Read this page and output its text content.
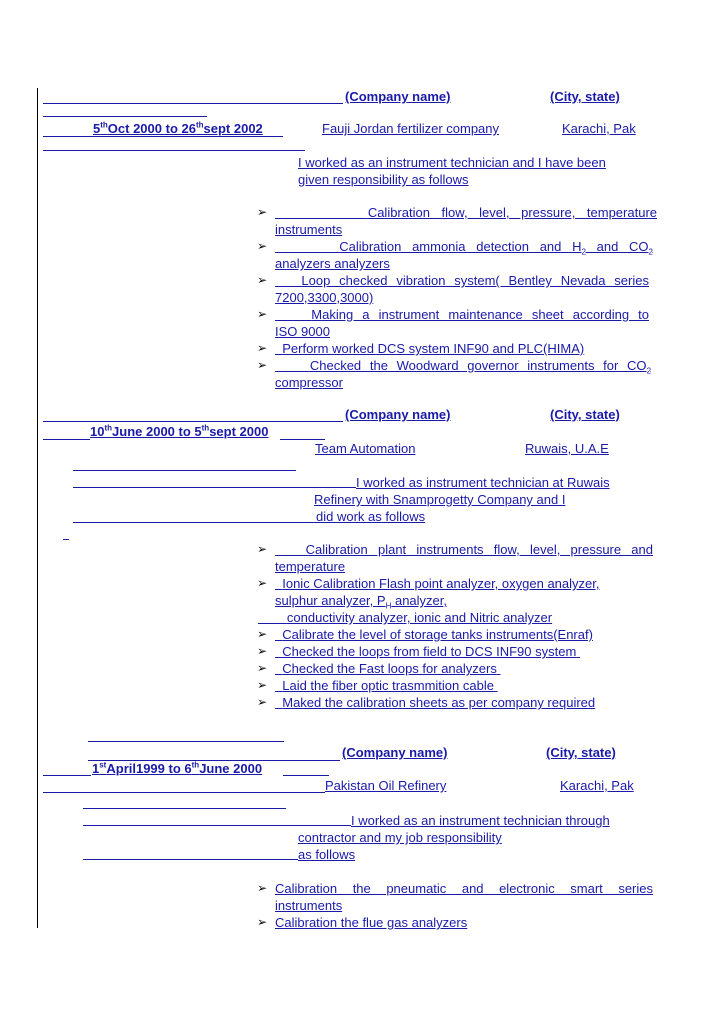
(Company name)	(City, state)
5thOct 2000 to 26thsept 2002	Fauji Jordan fertilizer company	Karachi, Pak
I worked as an instrument technician and I have been
given responsibility as follows
➢	Calibration flow, level, pressure, temperature
instruments
➢	Calibration ammonia detection and $H_2$ and $CO_2$
analyzers analyzers
➢	Loop checked vibration system( Bentley Nevada series
7200,3300,3000)
➢	Making a instrument maintenance sheet according to
ISO 9000
➢	Perform worked DCS system INF90 and PLC(HIMA)
➢	Checked the Woodward governor instruments for $CO_2$
compressor
(Company name)	(City, state)
10thJune 2000 to 5thsept 2000
Team Automation	Ruwais, U.A.E
I worked as instrument technician at Ruwais
Refinery with Snamprogetty Company and I
did work as follows
➢	Calibration plant instruments flow, level, pressure and
temperature
➢	Ionic Calibration Flash point analyzer, oxygen analyzer,
sulphur analyzer, $P_H$ analyzer,
conductivity analyzer, ionic and Nitric analyzer
➢	Calibrate the level of storage tanks instruments(Enraf)
➢	Checked the loops from field to DCS INF90 system
➢	Checked the Fast loops for analyzers
➢	Laid the fiber optic trasmmition cable
➢	Maked the calibration sheets as per company required
(Company name)	(City, state)
1stApril1999 to 6thJune 2000
Pakistan Oil Refinery	Karachi, Pak
I worked as an instrument technician through
contractor and my job responsibility
as follows
➢ Calibration the pneumatic and electronic smart series
instruments
➢ Calibration the flue gas analyzers
